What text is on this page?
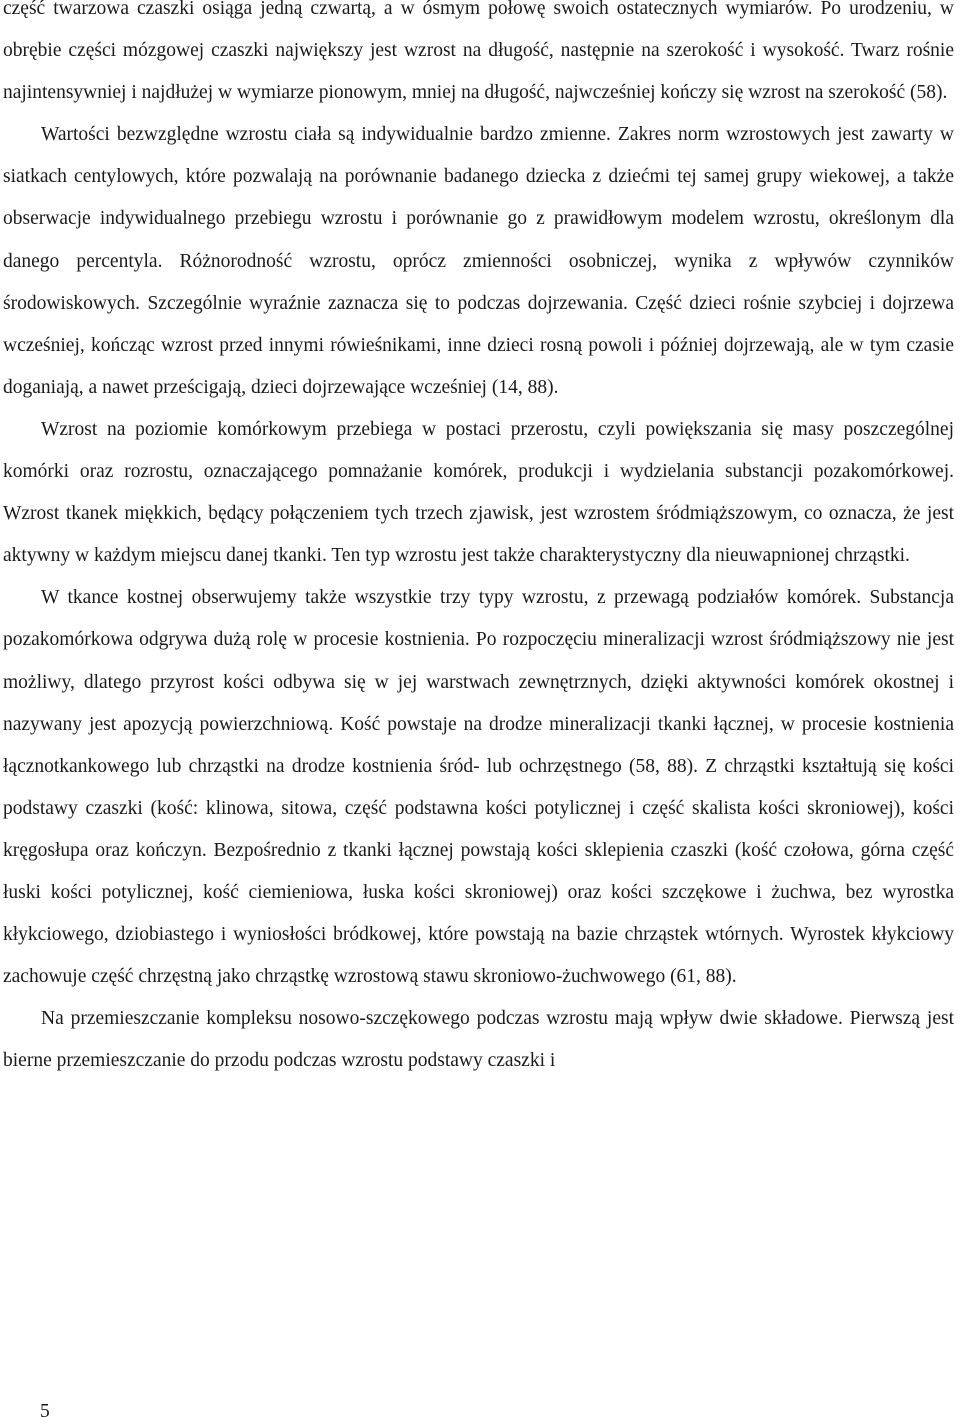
część twarzowa czaszki osiąga jedną czwartą, a w ósmym połowę swoich ostatecznych wymiarów. Po urodzeniu, w obrębie części mózgowej czaszki największy jest wzrost na długość, następnie na szerokość i wysokość. Twarz rośnie najintensywniej i najdłużej w wymiarze pionowym, mniej na długość, najwcześniej kończy się wzrost na szerokość (58).

Wartości bezwzględne wzrostu ciała są indywidualnie bardzo zmienne. Zakres norm wzrostowych jest zawarty w siatkach centylowych, które pozwalają na porównanie badanego dziecka z dziećmi tej samej grupy wiekowej, a także obserwacje indywidualnego przebiegu wzrostu i porównanie go z prawidłowym modelem wzrostu, określonym dla danego percentyla. Różnorodność wzrostu, oprócz zmienności osobniczej, wynika z wpływów czynników środowiskowych. Szczególnie wyraźnie zaznacza się to podczas dojrzewania. Część dzieci rośnie szybciej i dojrzewa wcześniej, kończąc wzrost przed innymi rówieśnikami, inne dzieci rosną powoli i później dojrzewają, ale w tym czasie doganiają, a nawet prześcigają, dzieci dojrzewające wcześniej (14, 88).

Wzrost na poziomie komórkowym przebiega w postaci przerostu, czyli powiększania się masy poszczególnej komórki oraz rozrostu, oznaczającego pomnażanie komórek, produkcji i wydzielania substancji pozakomórkowej. Wzrost tkanek miękkich, będący połączeniem tych trzech zjawisk, jest wzrostem śródmiąższowym, co oznacza, że jest aktywny w każdym miejscu danej tkanki. Ten typ wzrostu jest także charakterystyczny dla nieuwapnionej chrząstki.

W tkance kostnej obserwujemy także wszystkie trzy typy wzrostu, z przewagą podziałów komórek. Substancja pozakomórkowa odgrywa dużą rolę w procesie kostnienia. Po rozpoczęciu mineralizacji wzrost śródmiąższowy nie jest możliwy, dlatego przyrost kości odbywa się w jej warstwach zewnętrznych, dzięki aktywności komórek okostnej i nazywany jest apozycją powierzchniową. Kość powstaje na drodze mineralizacji tkanki łącznej, w procesie kostnienia łącznotkankowego lub chrząstki na drodze kostnienia śród- lub ochrzęstnego (58, 88). Z chrząstki kształtują się kości podstawy czaszki (kość: klinowa, sitowa, część podstawna kości potylicznej i część skalista kości skroniowej), kości kręgosłupa oraz kończyn. Bezpośrednio z tkanki łącznej powstają kości sklepienia czaszki (kość czołowa, górna część łuski kości potylicznej, kość ciemieniowa, łuska kości skroniowej) oraz kości szczękowe i żuchwa, bez wyrostka kłykciowego, dziobiastego i wyniosłości bródkowej, które powstają na bazie chrząstek wtórnych. Wyrostek kłykciowy zachowuje część chrzęstną jako chrząstkę wzrostową stawu skroniowo-żuchwowego (61, 88).

Na przemieszczanie kompleksu nosowo-szczękowego podczas wzrostu mają wpływ dwie składowe. Pierwszą jest bierne przemieszczanie do przodu podczas wzrostu podstawy czaszki i

5
